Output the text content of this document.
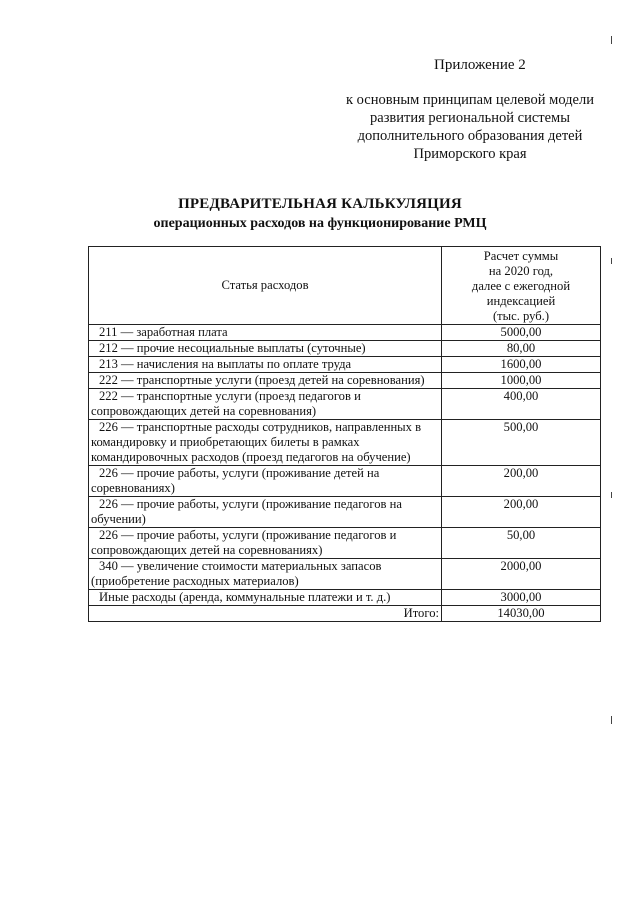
Приложение 2
к основным принципам целевой модели
развития региональной системы
дополнительного образования детей
Приморского края
ПРЕДВАРИТЕЛЬНАЯ КАЛЬКУЛЯЦИЯ
операционных расходов на функционирование РМЦ
Статья расходов	Расчет суммы
на 2020 год,
далее с ежегодной
индексацией
(тыс. руб.)

211 — заработная плата	5000,00
212 — прочие несоциальные выплаты (суточные)	80,00
213 — начисления на выплаты по оплате труда	1600,00
222 — транспортные услуги (проезд детей на соревнования)	1000,00
222 — транспортные услуги (проезд педагогов и сопровождающих детей на соревнования)	400,00
226 — транспортные расходы сотрудников, направленных в командировку и приобретающих билеты в рамках командировочных расходов (проезд педагогов на обучение)	500,00
226 — прочие работы, услуги (проживание детей на соревнованиях)	200,00
226 — прочие работы, услуги (проживание педагогов на обучении)	200,00
226 — прочие работы, услуги (проживание педагогов и сопровождающих детей на соревнованиях)	50,00
340 — увеличение стоимости материальных запасов (приобретение расходных материалов)	2000,00
Иные расходы (аренда, коммунальные платежи и т. д.)	3000,00
Итого:	14030,00
